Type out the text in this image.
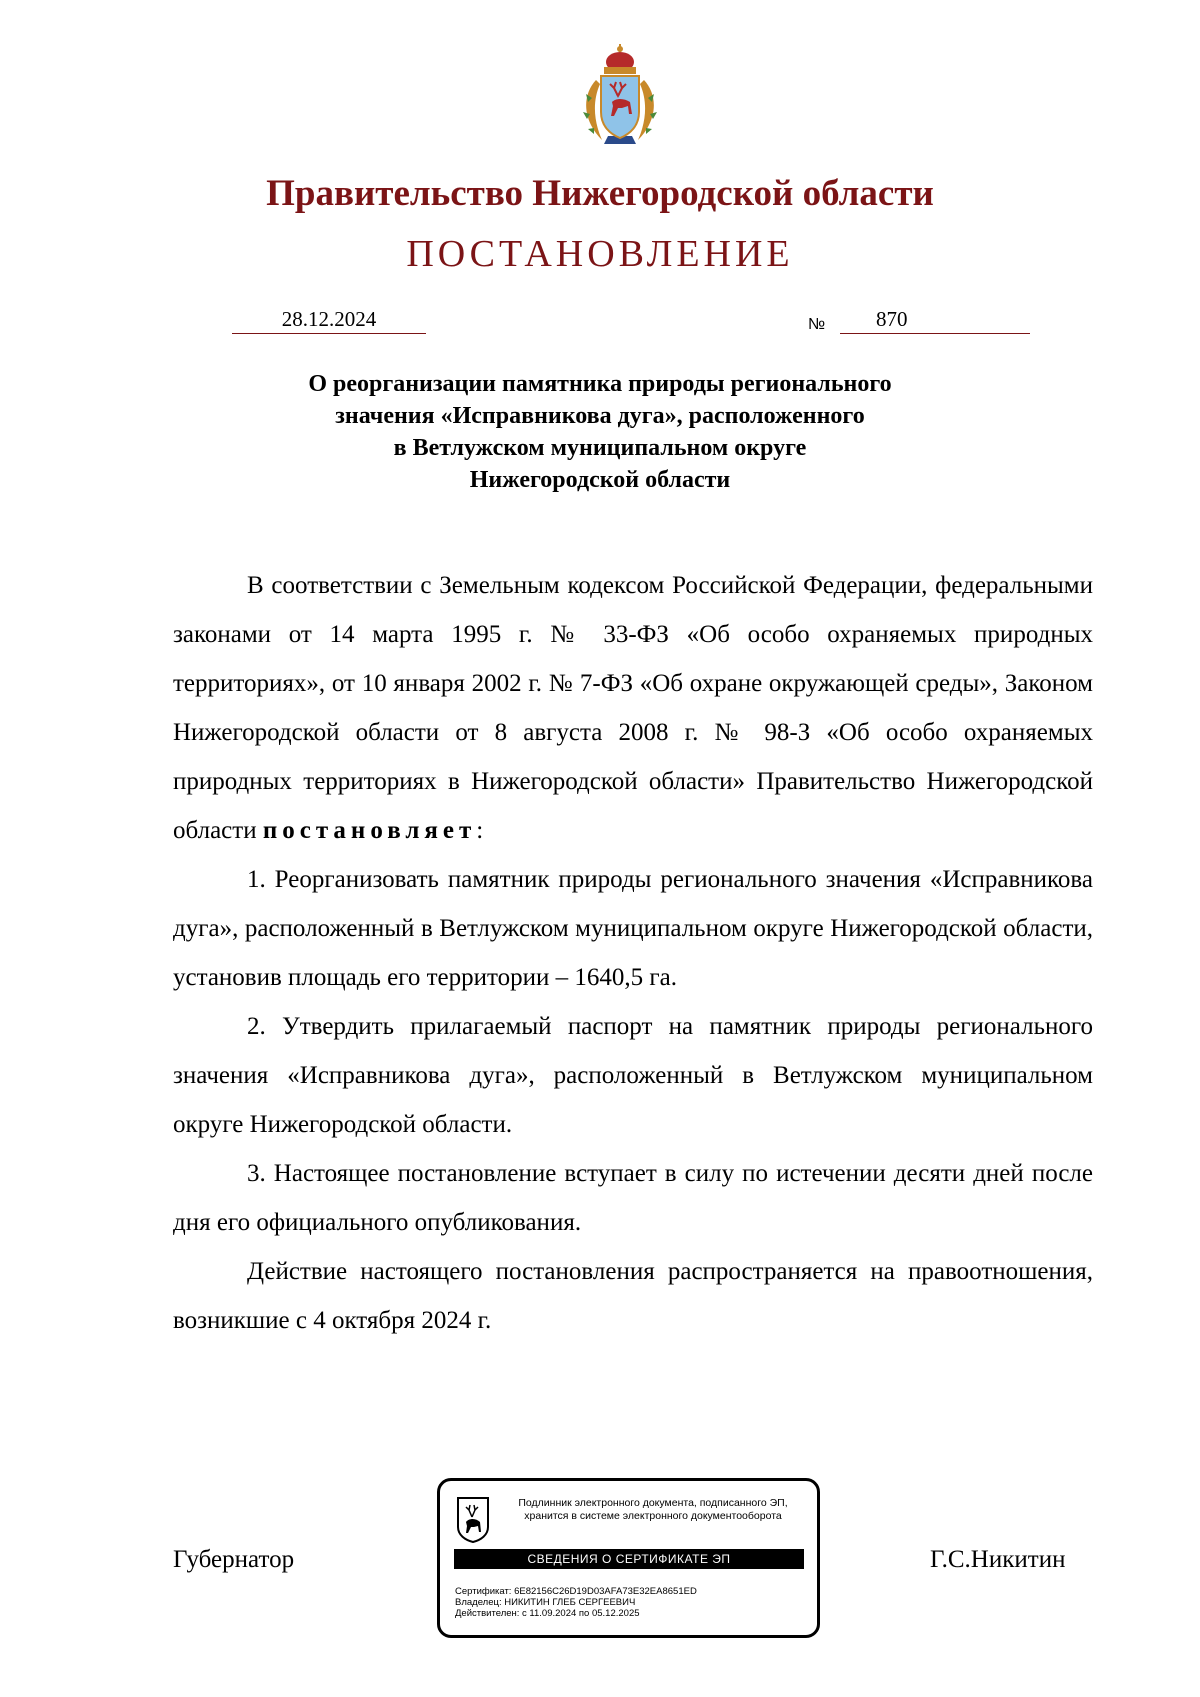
Правительство Нижегородской области
ПОСТАНОВЛЕНИЕ
28.12.2024	№ 870
О реорганизации памятника природы регионального
значения «Исправникова дуга», расположенного
в Ветлужском муниципальном округе
Нижегородской области

В соответствии с Земельным кодексом Российской Федерации, федеральными законами от 14 марта 1995 г. № 33-ФЗ «Об особо охраняемых природных территориях», от 10 января 2002 г. № 7-ФЗ «Об охране окружающей среды», Законом Нижегородской области от 8 августа 2008 г. № 98-З «Об особо охраняемых природных территориях в Нижегородской области» Правительство Нижегородской области постановляет:

1. Реорганизовать памятник природы регионального значения «Исправникова дуга», расположенный в Ветлужском муниципальном округе Нижегородской области, установив площадь его территории – 1640,5 га.

2. Утвердить прилагаемый паспорт на памятник природы регионального значения «Исправникова дуга», расположенный в Ветлужском муниципальном округе Нижегородской области.

3. Настоящее постановление вступает в силу по истечении десяти дней после дня его официального опубликования.

Действие настоящего постановления распространяется на правоотношения, возникшие с 4 октября 2024 г.

Губернатор	Г.С.Никитин
Подлинник электронного документа, подписанного ЭП,
хранится в системе электронного документооборота
СВЕДЕНИЯ О СЕРТИФИКАТЕ ЭП
Сертификат: 6E82156C26D19D03AFA73E32EA8651ED
Владелец: НИКИТИН ГЛЕБ СЕРГЕЕВИЧ
Действителен: с 11.09.2024 по 05.12.2025
